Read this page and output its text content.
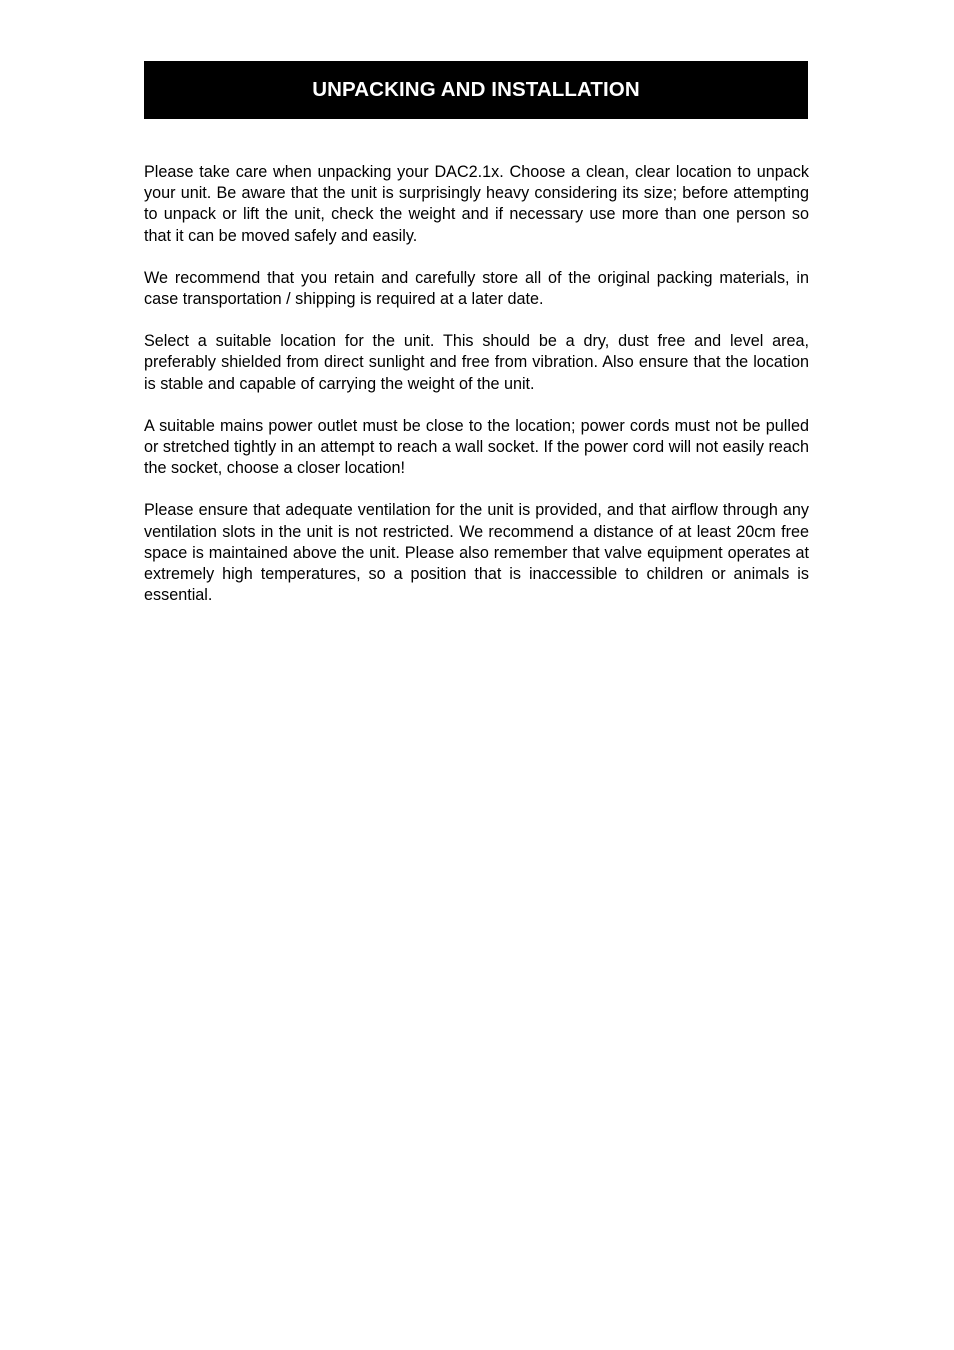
UNPACKING AND INSTALLATION

Please take care when unpacking your DAC2.1x. Choose a clean, clear location to unpack your unit. Be aware that the unit is surprisingly heavy considering its size; before attempting to unpack or lift the unit, check the weight and if necessary use more than one person so that it can be moved safely and easily.

We recommend that you retain and carefully store all of the original packing materials, in case transportation / shipping is required at a later date.

Select a suitable location for the unit. This should be a dry, dust free and level area, preferably shielded from direct sunlight and free from vibration. Also ensure that the location is stable and capable of carrying the weight of the unit.

A suitable mains power outlet must be close to the location; power cords must not be pulled or stretched tightly in an attempt to reach a wall socket. If the power cord will not easily reach the socket, choose a closer location!

Please ensure that adequate ventilation for the unit is provided, and that airflow through any ventilation slots in the unit is not restricted. We recommend a distance of at least 20cm free space is maintained above the unit. Please also remember that valve equipment operates at extremely high temperatures, so a position that is inaccessible to children or animals is essential.
